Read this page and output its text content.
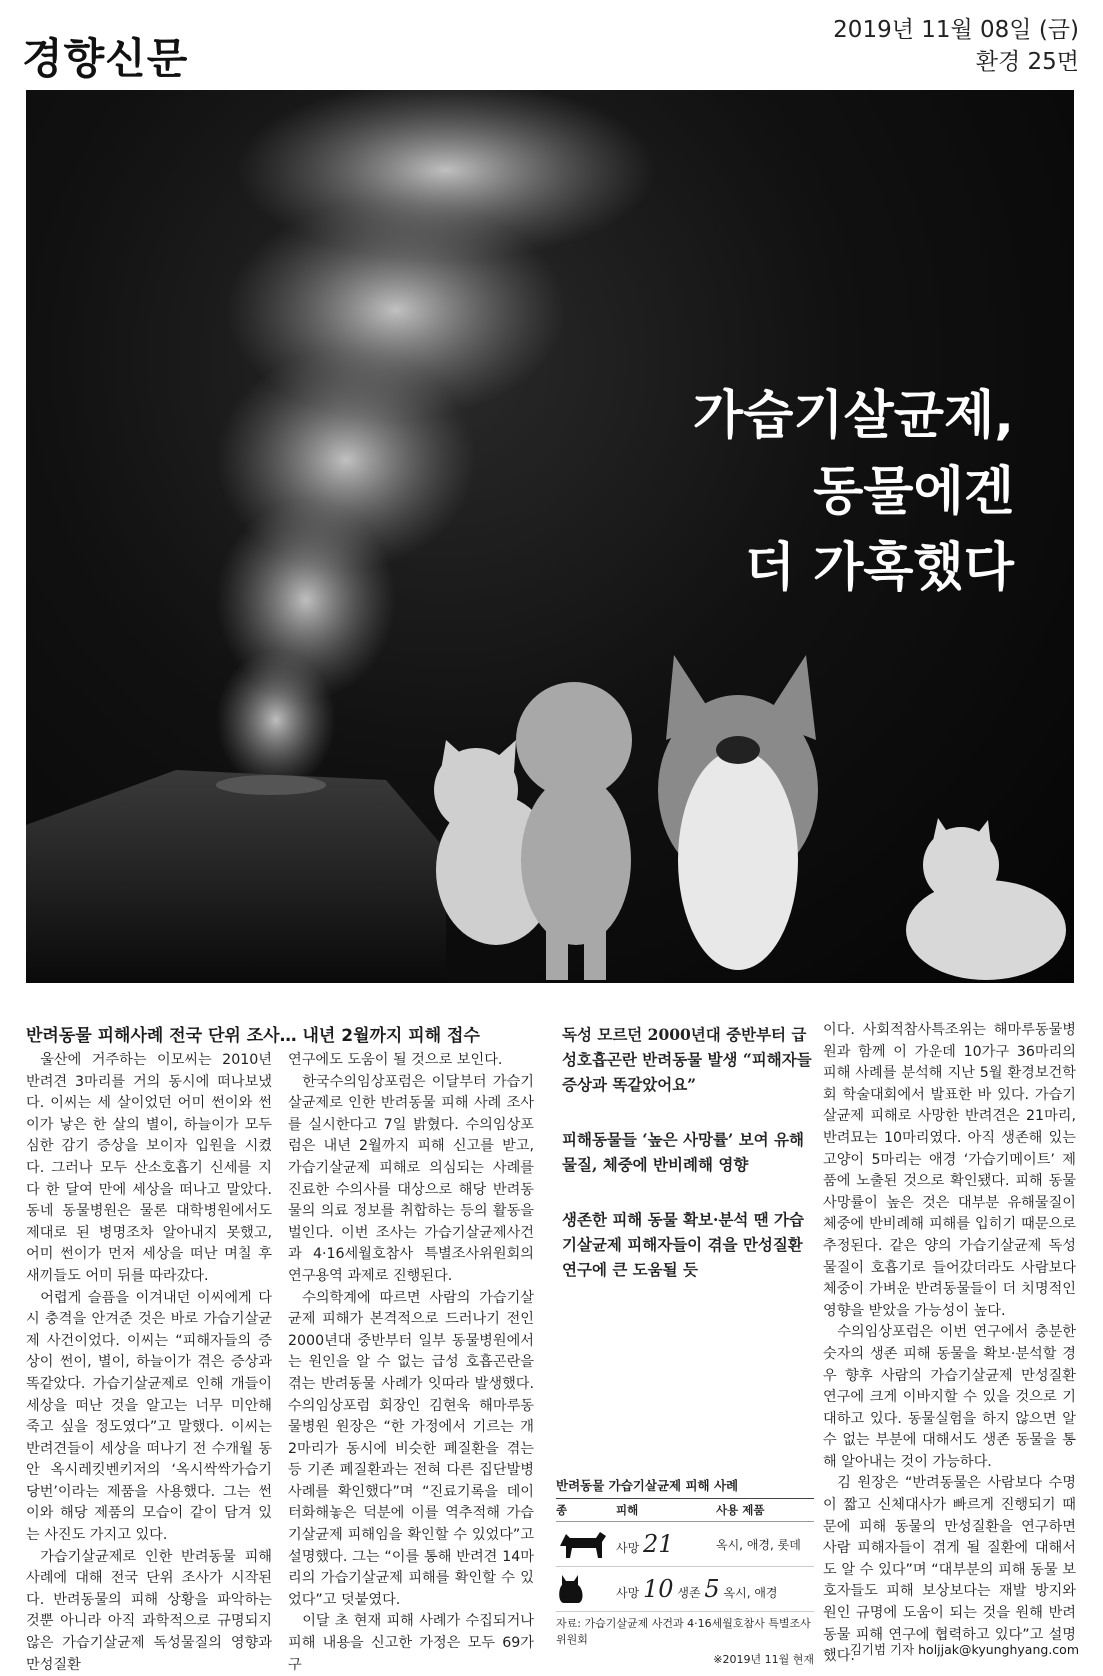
경향신문
2019년 11월 08일 (금)
환경 25면
가습기살균제,
동물에겐
더 가혹했다
반려동물 피해사례 전국 단위 조사… 내년 2월까지 피해 접수

울산에 거주하는 이모씨는 2010년 반려견 3마리를 거의 동시에 떠나보냈다. 이씨는 세 살이었던 어미 썬이와 썬이가 낳은 한 살의 별이, 하늘이가 모두 심한 감기 증상을 보이자 입원을 시켰다. 그러나 모두 산소호흡기 신세를 지다 한 달여 만에 세상을 떠나고 말았다. 동네 동물병원은 물론 대학병원에서도 제대로 된 병명조차 알아내지 못했고, 어미 썬이가 먼저 세상을 떠난 며칠 후 새끼들도 어미 뒤를 따라갔다.

어렵게 슬픔을 이겨내던 이씨에게 다시 충격을 안겨준 것은 바로 가습기살균제 사건이었다. 이씨는 “피해자들의 증상이 썬이, 별이, 하늘이가 겪은 증상과 똑같았다. 가습기살균제로 인해 개들이 세상을 떠난 것을 알고는 너무 미안해 죽고 싶을 정도였다”고 말했다. 이씨는 반려견들이 세상을 떠나기 전 수개월 동안 옥시레킷벤키저의 ‘옥시싹싹가습기당번’이라는 제품을 사용했다. 그는 썬이와 해당 제품의 모습이 같이 담겨 있는 사진도 가지고 있다.

가습기살균제로 인한 반려동물 피해사례에 대해 전국 단위 조사가 시작된다. 반려동물의 피해 상황을 파악하는 것뿐 아니라 아직 과학적으로 규명되지 않은 가습기살균제 독성물질의 영향과 만성질환

연구에도 도움이 될 것으로 보인다.

한국수의임상포럼은 이달부터 가습기살균제로 인한 반려동물 피해 사례 조사를 실시한다고 7일 밝혔다. 수의임상포럼은 내년 2월까지 피해 신고를 받고, 가습기살균제 피해로 의심되는 사례를 진료한 수의사를 대상으로 해당 반려동물의 의료 정보를 취합하는 등의 활동을 벌인다. 이번 조사는 가습기살균제사건과 4·16세월호참사 특별조사위원회의 연구용역 과제로 진행된다.

수의학계에 따르면 사람의 가습기살균제 피해가 본격적으로 드러나기 전인 2000년대 중반부터 일부 동물병원에서는 원인을 알 수 없는 급성 호흡곤란을 겪는 반려동물 사례가 잇따라 발생했다. 수의임상포럼 회장인 김현욱 해마루동물병원 원장은 “한 가정에서 기르는 개 2마리가 동시에 비슷한 폐질환을 겪는 등 기존 폐질환과는 전혀 다른 집단발병 사례를 확인했다”며 “진료기록을 데이터화해놓은 덕분에 이를 역추적해 가습기살균제 피해임을 확인할 수 있었다”고 설명했다. 그는 “이를 통해 반려견 14마리의 가습기살균제 피해를 확인할 수 있었다”고 덧붙였다.

이달 초 현재 피해 사례가 수집되거나 피해 내용을 신고한 가정은 모두 69가구

독성 모르던 2000년대 중반부터 급성호흡곤란 반려동물 발생 “피해자들 증상과 똑같았어요”
피해동물들 ‘높은 사망률’ 보여 유해물질, 체중에 반비례해 영향
생존한 피해 동물 확보·분석 땐 가습기살균제 피해자들이 겪을 만성질환 연구에 큰 도움될 듯
반려동물 가습기살균제 피해 사례
종	피해	사용 제품
사망 21	옥시, 애경, 롯데
사망 10 생존 5 옥시, 애경
자료: 가습기살균제 사건과 4·16세월호참사 특별조사위원회
※2019년 11월 현재

이다. 사회적참사특조위는 해마루동물병원과 함께 이 가운데 10가구 36마리의 피해 사례를 분석해 지난 5월 환경보건학회 학술대회에서 발표한 바 있다. 가습기살균제 피해로 사망한 반려견은 21마리, 반려묘는 10마리였다. 아직 생존해 있는 고양이 5마리는 애경 ‘가습기메이트’ 제품에 노출된 것으로 확인됐다. 피해 동물 사망률이 높은 것은 대부분 유해물질이 체중에 반비례해 피해를 입히기 때문으로 추정된다. 같은 양의 가습기살균제 독성물질이 호흡기로 들어갔더라도 사람보다 체중이 가벼운 반려동물들이 더 치명적인 영향을 받았을 가능성이 높다.

수의임상포럼은 이번 연구에서 충분한 숫자의 생존 피해 동물을 확보·분석할 경우 향후 사람의 가습기살균제 만성질환 연구에 크게 이바지할 수 있을 것으로 기대하고 있다. 동물실험을 하지 않으면 알 수 없는 부분에 대해서도 생존 동물을 통해 알아내는 것이 가능하다.

김 원장은 “반려동물은 사람보다 수명이 짧고 신체대사가 빠르게 진행되기 때문에 피해 동물의 만성질환을 연구하면 사람 피해자들이 겪게 될 질환에 대해서도 알 수 있다”며 “대부분의 피해 동물 보호자들도 피해 보상보다는 재발 방지와 원인 규명에 도움이 되는 것을 원해 반려동물 피해 연구에 협력하고 있다”고 설명했다.

김기범 기자 holjjak@kyunghyang.com
